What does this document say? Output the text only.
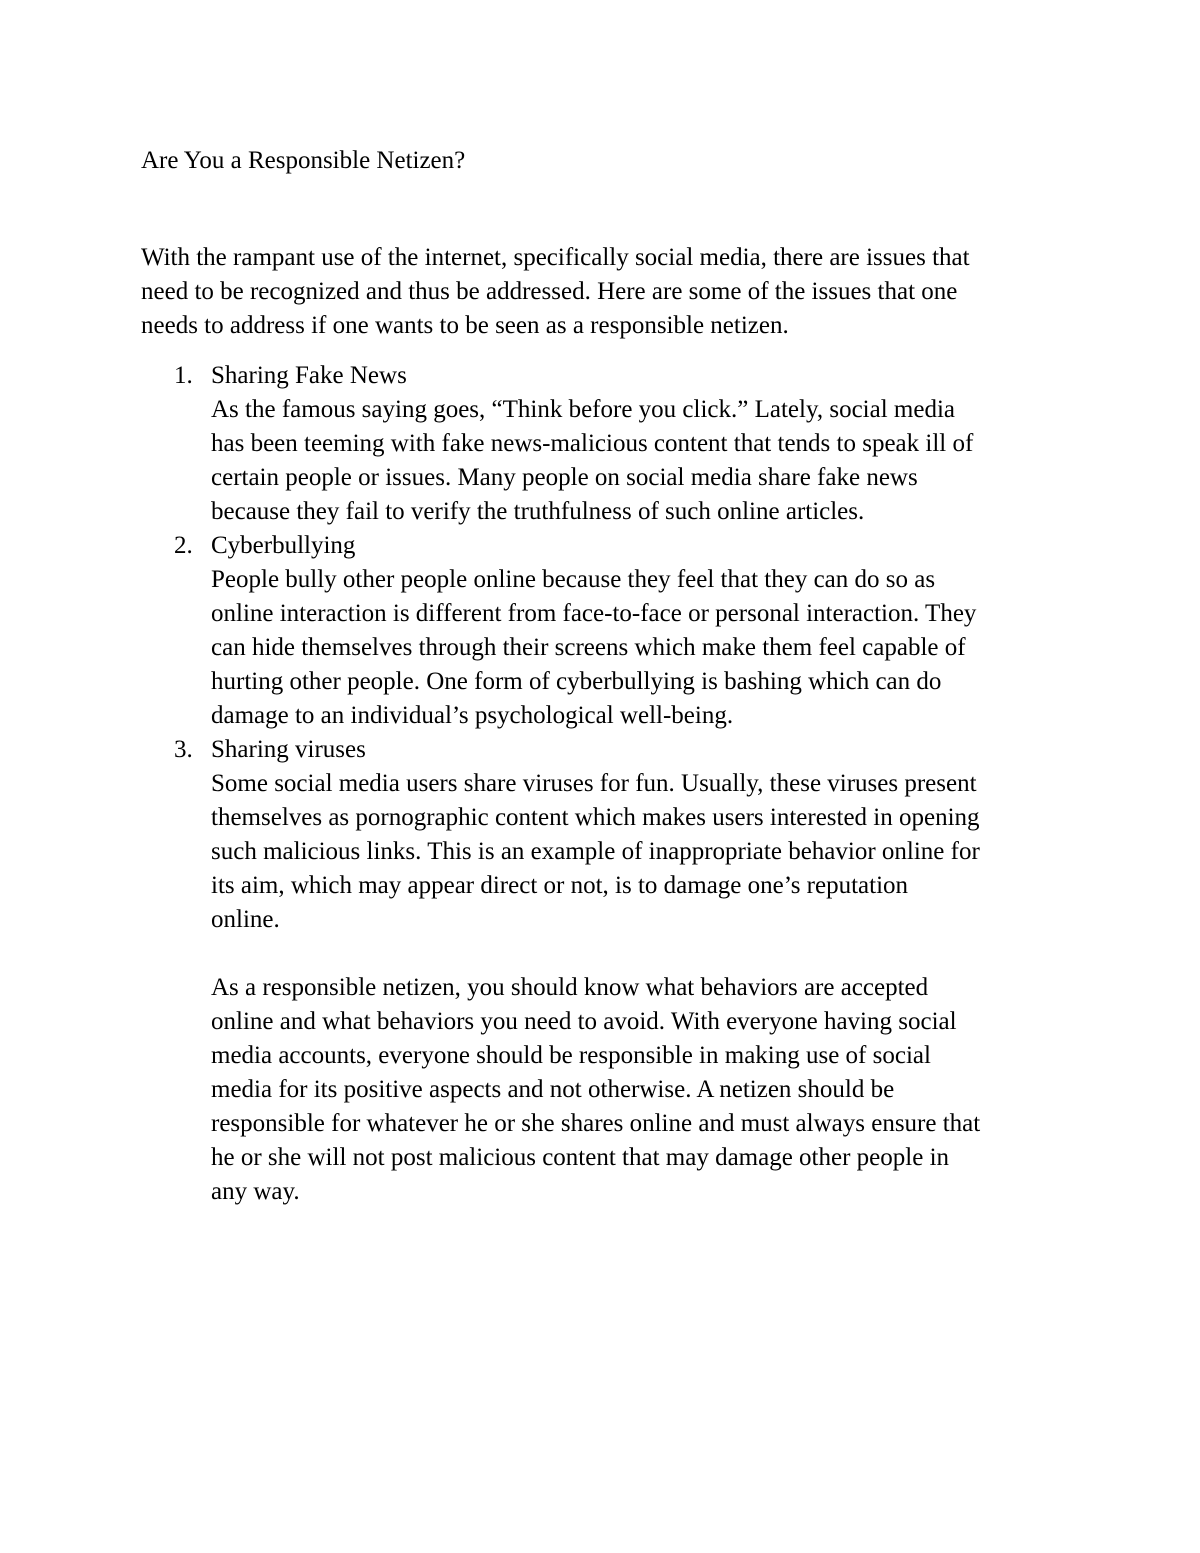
Are You a Responsible Netizen?

With the rampant use of the internet, specifically social media, there are issues that
need to be recognized and thus be addressed. Here are some of the issues that one
needs to address if one wants to be seen as a responsible netizen.

1. Sharing Fake News
As the famous saying goes, “Think before you click.” Lately, social media
has been teeming with fake news-malicious content that tends to speak ill of
certain people or issues. Many people on social media share fake news
because they fail to verify the truthfulness of such online articles.
2. Cyberbullying
People bully other people online because they feel that they can do so as
online interaction is different from face-to-face or personal interaction. They
can hide themselves through their screens which make them feel capable of
hurting other people. One form of cyberbullying is bashing which can do
damage to an individual’s psychological well-being.
3. Sharing viruses
Some social media users share viruses for fun. Usually, these viruses present
themselves as pornographic content which makes users interested in opening
such malicious links. This is an example of inappropriate behavior online for
its aim, which may appear direct or not, is to damage one’s reputation
online.

As a responsible netizen, you should know what behaviors are accepted
online and what behaviors you need to avoid. With everyone having social
media accounts, everyone should be responsible in making use of social
media for its positive aspects and not otherwise. A netizen should be
responsible for whatever he or she shares online and must always ensure that
he or she will not post malicious content that may damage other people in
any way.
